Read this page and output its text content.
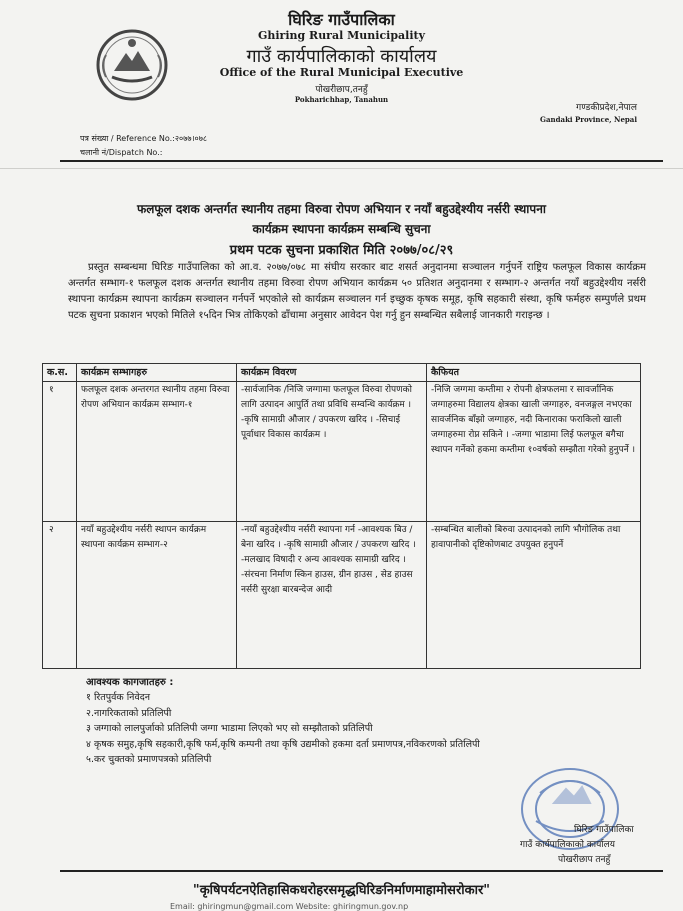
घिरिङ गाउँपालिका
Ghiring Rural Municipality
गाउँ कार्यपालिकाको कार्यालय
Office of the Rural Municipal Executive
पोखरीछाप,तनहुँ
Pokharichhap, Tanahun
गण्डकीप्रदेश,नेपाल
Gandaki Province, Nepal
पत्र संख्या / Reference No.:२०७७।०७८
चलानी नं/Dispatch No.:
फलफूल दशक अन्तर्गत स्थानीय तहमा विरुवा रोपण अभियान र नयाँ बहुउद्देश्यीय नर्सरी स्थापना
कार्यक्रम स्थापना कार्यक्रम सम्बन्धि सुचना
प्रथम पटक सुचना प्रकाशित मिति २०७७/०८/२९
प्रस्तुत सम्बन्धमा घिरिङ गाउँपालिका को आ.व. २०७७/०७८ मा संघीय सरकार बाट शसर्त अनुदानमा सञ्चालन गर्नुपर्ने राष्ट्रिय फलफूल विकास कार्यक्रम अन्तर्गत सम्भाग-१ फलफूल दशक अन्तर्गत स्थानीय तहमा विरुवा रोपण अभियान कार्यक्रम ५० प्रतिशत अनुदानमा र सम्भाग-२ अन्तर्गत नयाँ बहुउद्देश्यीय नर्सरी स्थापना कार्यक्रम स्थापना कार्यक्रम सञ्चालन गर्नपर्ने भएकोले सो कार्यक्रम सञ्चालन गर्न इच्छुक कृषक समूह, कृषि सहकारी संस्था, कृषि फर्महरु सम्पुर्णले प्रथम पटक सुचना प्रकाशन भएको मितिले १५दिन भित्र तोकिएको ढाँचामा अनुसार आवेदन पेश गर्नु हुन सम्बन्धित सबैलाई जानकारी गराइन्छ ।
क.स.	कार्यक्रम सम्भागहरु	कार्यक्रम विवरण	कैफियत
१	फलफूल दशक अन्तरगत स्थानीय तहमा विरुवा रोपण अभियान कार्यक्रम सम्भाग-१	-सार्वजानिक /निजि जग्गामा फलफूल विरुवा रोपणको लागि उत्पादन आपुर्ति तथा प्रविधि सम्वन्धि कार्यक्रम । -कृषि सामाग्री औजार / उपकरण खरिद । -सिचाई पूर्वाधार विकास कार्यक्रम ।	-निजि जग्गमा कम्तीमा २ रोपनी क्षेत्रफलमा र सावर्जानिक जग्गाहरुमा विद्यालय क्षेत्रका खाली जग्गाहरु, वनजङ्गल नभएका सावर्जनिक बाँझो जग्गाहरु, नदी किनाराका फराकिलो खाली जग्गाहरुमा रोप्न सकिने । -जग्गा भाडामा लिई फलफूल बगैचा स्थापन गर्नेको हकमा कम्तीमा १०वर्षको सम्झौता गरेको हुनुपर्ने ।
२	नयाँ बहुउद्देश्यीय नर्सरी स्थापन कार्यक्रम स्थापना कार्यक्रम सम्भाग-२	-नयाँ बहुउद्देश्यीय नर्सरी स्थापना गर्न -आवश्यक बिउ /बेना खरिद । -कृषि सामाग्री औजार / उपकरण खरिद । -मलखाद विषादी र अन्य आवश्यक सामाग्री खरिद । -संरचना निर्माण स्किन हाउस, ग्रीन हाउस , सेड हाउस नर्सरी सुरक्षा बारबन्देज आदी	-सम्बन्धित बालीको बिरुवा उत्पादनको लागि भौगोलिक तथा हावापानीको दृष्टिकोणबाट उपयुक्त हनुपर्ने
आवश्यक कागजातहरु :
१ रितपुर्वक निवेदन
२.नागरिकताको प्रतिलिपी
३ जग्गाको लालपुर्जाको प्रतिलिपी जग्गा भाडामा लिएको भए सो सम्झौताको प्रतिलिपी
४ कृषक समुह,कृषि सहकारी,कृषि फर्म,कृषि कम्पनी तथा कृषि उद्यमीको हकमा दर्ता प्रमाणपत्र,नविकरणको प्रतिलिपी
५.कर चुक्तको प्रमाणपत्रको प्रतिलिपी
घिरिङ गाउँपालिका
गाउँ कार्यपालिकाको कार्यालय
पोखरीछाप तनहुँ
"कृषिपर्यटनऐतिहासिकधरोहरसमृद्धघिरिङनिर्माणमाहामोसरोकार"
Email: ghiringmun@gmail.com Website: ghiringmun.gov.np
